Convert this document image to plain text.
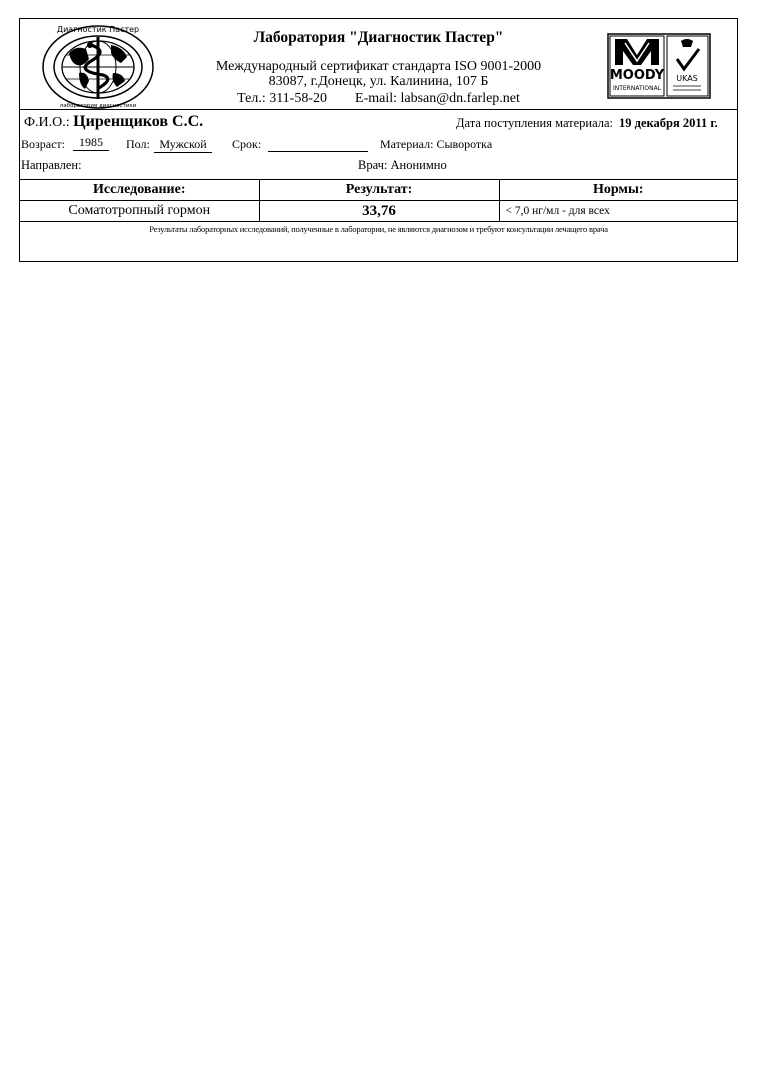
Диагностик Пастер
лаборатория диагностики
Лаборатория "Диагностик Пастер"
Международный сертификат стандарта ISO 9001-2000
83087, г.Донецк, ул. Калинина, 107 Б
Тел.: 311-58-20 E-mail: labsan@dn.farlep.net
MOODY
INTERNATIONAL
UKAS
Ф.И.О.: Циренщиков С.С.	Дата поступления материала: 19 декабря 2011 г.
Возраст:	1985	Пол: Мужской	Срок:	Материал: Сыворотка
Направлен:	Врач: Анонимно
Исследование:	Результат:	Нормы:
Соматотропный гормон	33,76	< 7,0 нг/мл - для всех
Результаты лабораторных исследований, полученные в лаборатории, не являются диагнозом и требуют консультации лечащего врача
